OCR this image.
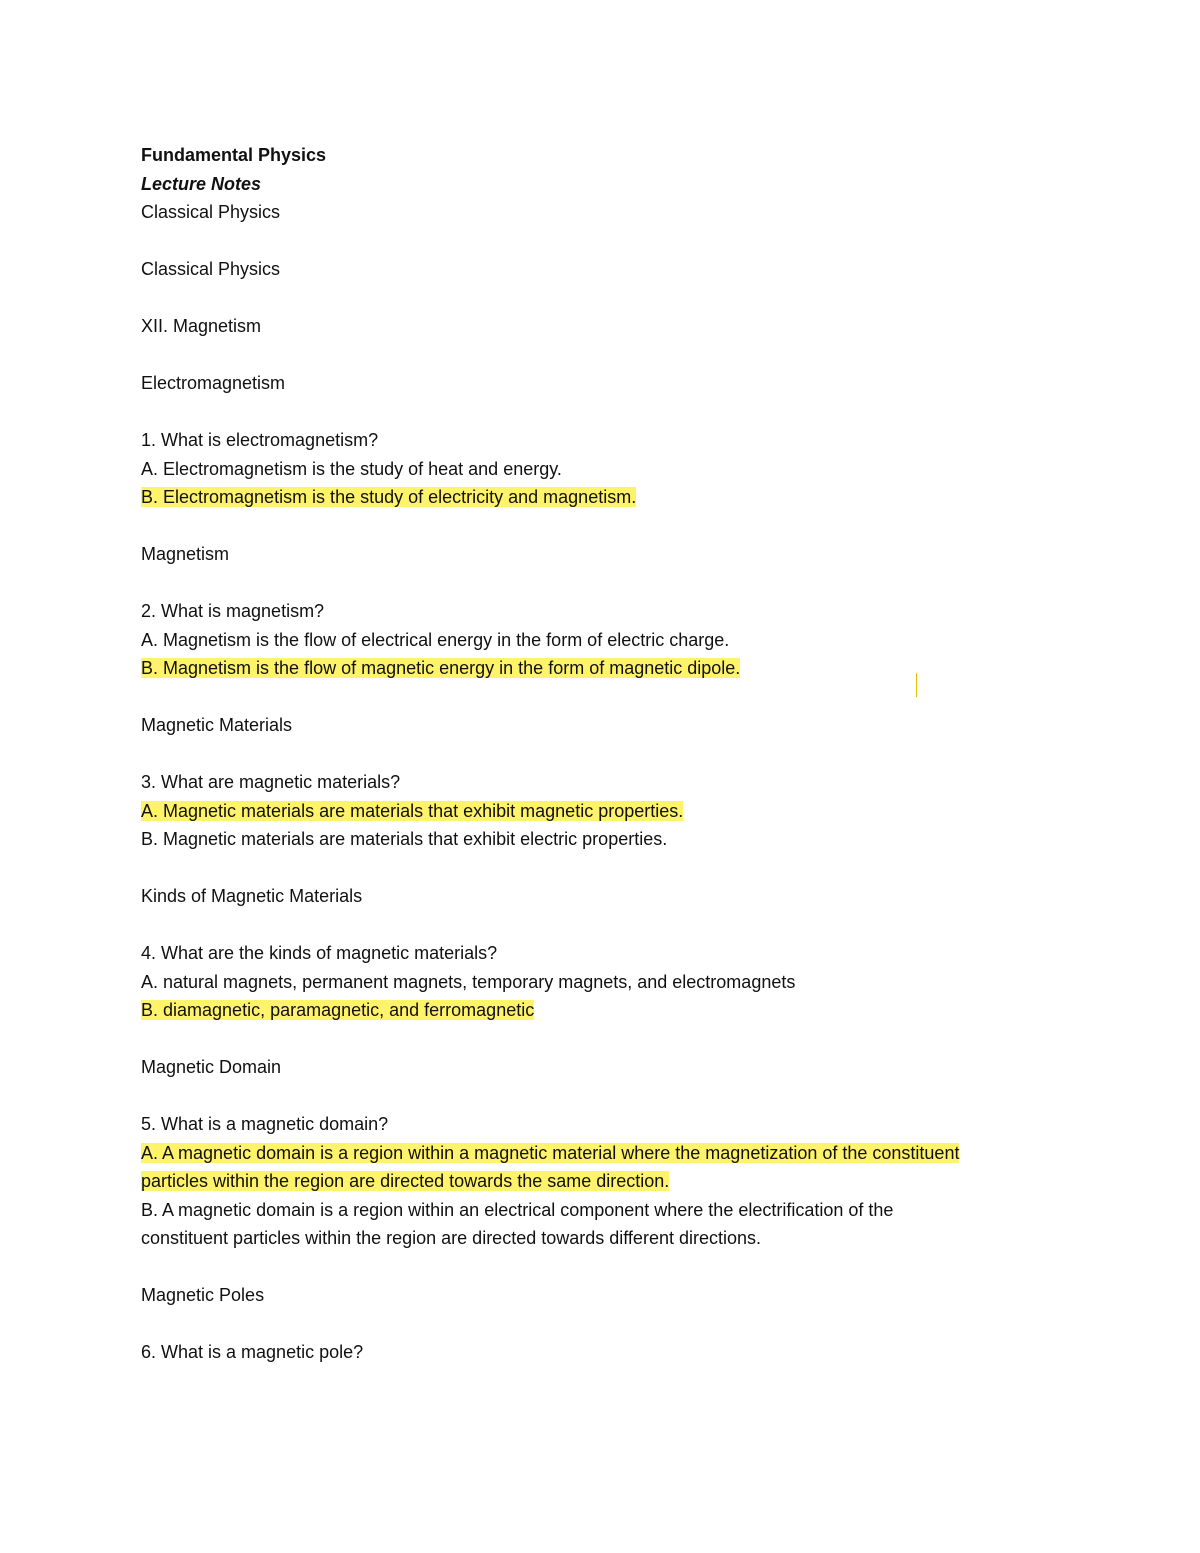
Fundamental Physics
Lecture Notes
Classical Physics
Classical Physics
XII. Magnetism
Electromagnetism
1. What is electromagnetism?
A. Electromagnetism is the study of heat and energy.
B. Electromagnetism is the study of electricity and magnetism.
Magnetism
2. What is magnetism?
A. Magnetism is the flow of electrical energy in the form of electric charge.
B. Magnetism is the flow of magnetic energy in the form of magnetic dipole.
Magnetic Materials
3. What are magnetic materials?
A. Magnetic materials are materials that exhibit magnetic properties.
B. Magnetic materials are materials that exhibit electric properties.
Kinds of Magnetic Materials
4. What are the kinds of magnetic materials?
A. natural magnets, permanent magnets, temporary magnets, and electromagnets
B. diamagnetic, paramagnetic, and ferromagnetic
Magnetic Domain
5. What is a magnetic domain?
A. A magnetic domain is a region within a magnetic material where the magnetization of the constituent
particles within the region are directed towards the same direction.
B. A magnetic domain is a region within an electrical component where the electrification of the
constituent particles within the region are directed towards different directions.
Magnetic Poles
6. What is a magnetic pole?
